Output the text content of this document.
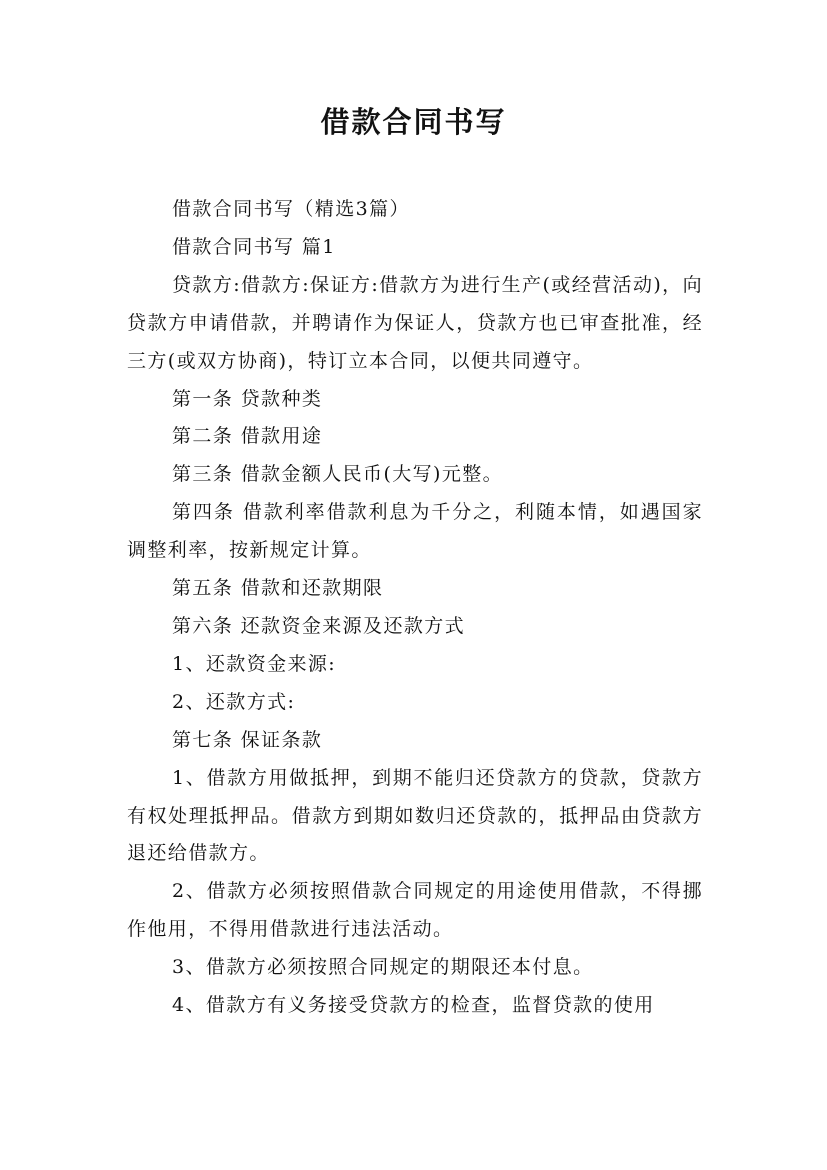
借款合同书写

借款合同书写（精选3篇）

借款合同书写 篇1

贷款方:借款方:保证方:借款方为进行生产(或经营活动)，向贷款方申请借款，并聘请作为保证人，贷款方也已审查批准，经三方(或双方协商)，特订立本合同，以便共同遵守。

第一条 贷款种类

第二条 借款用途

第三条 借款金额人民币(大写)元整。

第四条 借款利率借款利息为千分之，利随本情，如遇国家调整利率，按新规定计算。

第五条 借款和还款期限

第六条 还款资金来源及还款方式

1、还款资金来源:

2、还款方式:

第七条 保证条款

1、借款方用做抵押，到期不能归还贷款方的贷款，贷款方有权处理抵押品。借款方到期如数归还贷款的，抵押品由贷款方退还给借款方。

2、借款方必须按照借款合同规定的用途使用借款，不得挪作他用，不得用借款进行违法活动。

3、借款方必须按照合同规定的期限还本付息。

4、借款方有义务接受贷款方的检查，监督贷款的使用
